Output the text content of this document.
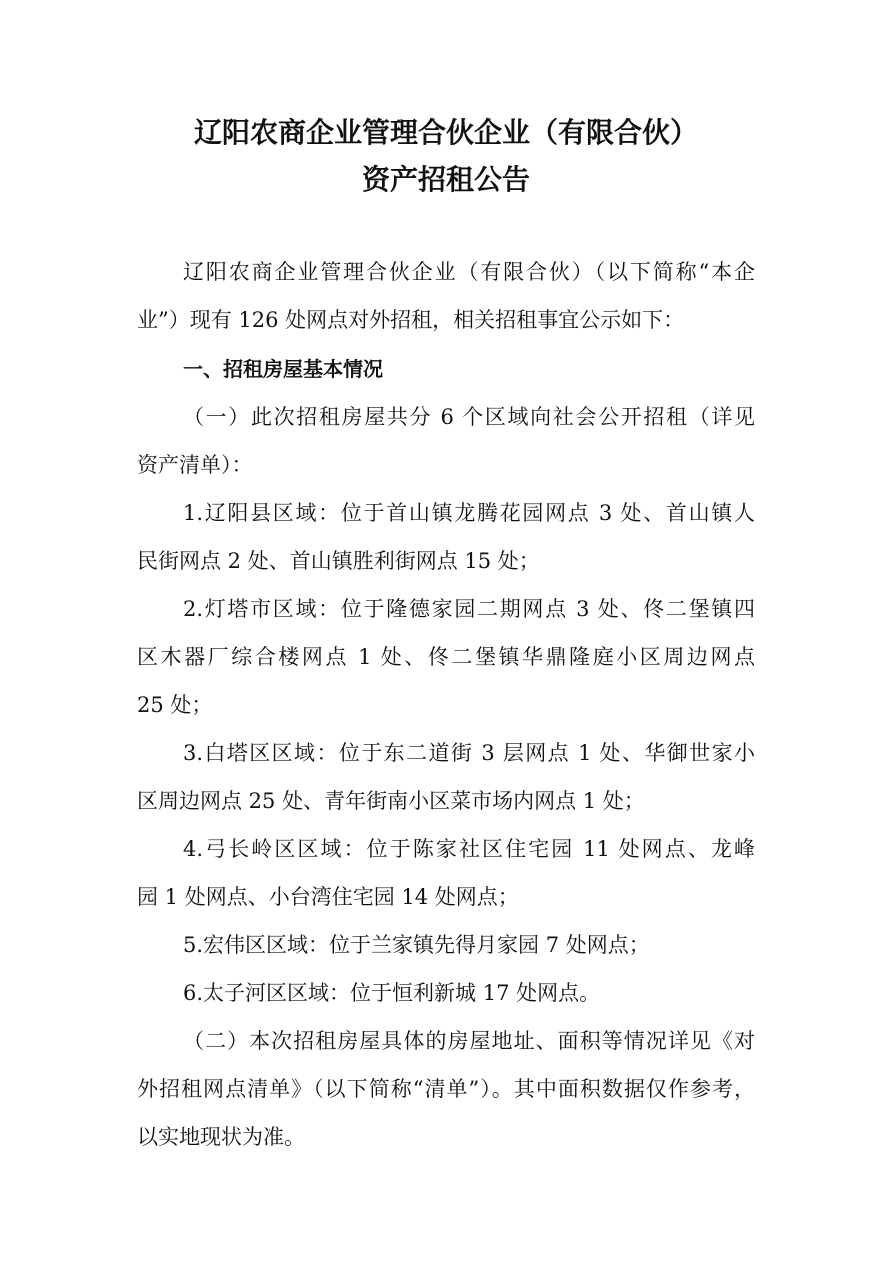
辽阳农商企业管理合伙企业（有限合伙）
资产招租公告
辽阳农商企业管理合伙企业（有限合伙）（以下简称“本企
业”）现有 126 处网点对外招租，相关招租事宜公示如下：
一、招租房屋基本情况
（一）此次招租房屋共分 6 个区域向社会公开招租（详见
资产清单）：
1.辽阳县区域：位于首山镇龙腾花园网点 3 处、首山镇人
民街网点 2 处、首山镇胜利街网点 15 处；
2.灯塔市区域：位于隆德家园二期网点 3 处、佟二堡镇四
区木器厂综合楼网点 1 处、佟二堡镇华鼎隆庭小区周边网点
25 处；
3.白塔区区域：位于东二道街 3 层网点 1 处、华御世家小
区周边网点 25 处、青年街南小区菜市场内网点 1 处；
4.弓长岭区区域：位于陈家社区住宅园 11 处网点、龙峰
园 1 处网点、小台湾住宅园 14 处网点；
5.宏伟区区域：位于兰家镇先得月家园 7 处网点；
6.太子河区区域：位于恒利新城 17 处网点。
（二）本次招租房屋具体的房屋地址、面积等情况详见《对
外招租网点清单》（以下简称“清单”）。其中面积数据仅作参考，
以实地现状为准。
